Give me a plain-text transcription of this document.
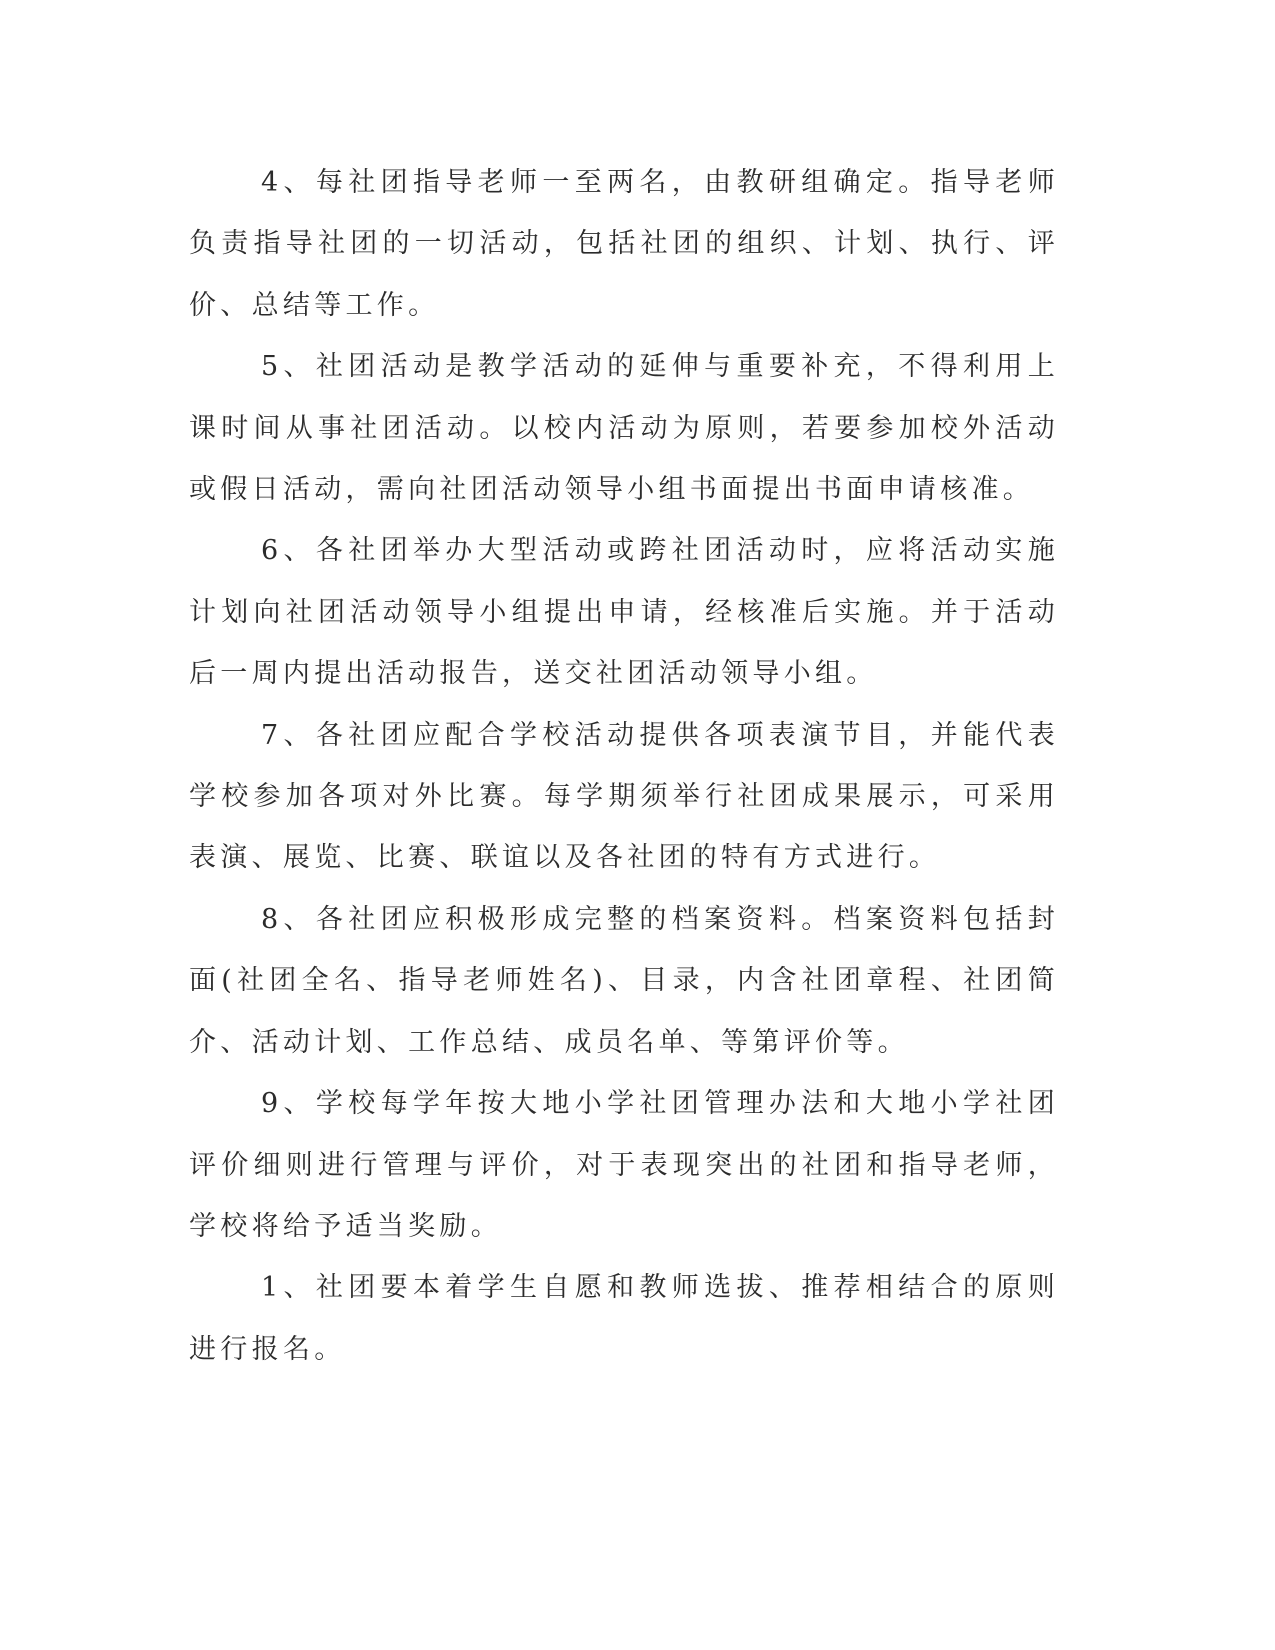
4、每社团指导老师一至两名，由教研组确定。指导老师负责指导社团的一切活动，包括社团的组织、计划、执行、评价、总结等工作。

5、社团活动是教学活动的延伸与重要补充，不得利用上课时间从事社团活动。以校内活动为原则，若要参加校外活动或假日活动，需向社团活动领导小组书面提出书面申请核准。

6、各社团举办大型活动或跨社团活动时，应将活动实施计划向社团活动领导小组提出申请，经核准后实施。并于活动后一周内提出活动报告，送交社团活动领导小组。

7、各社团应配合学校活动提供各项表演节目，并能代表学校参加各项对外比赛。每学期须举行社团成果展示，可采用表演、展览、比赛、联谊以及各社团的特有方式进行。

8、各社团应积极形成完整的档案资料。档案资料包括封面(社团全名、指导老师姓名)、目录，内含社团章程、社团简介、活动计划、工作总结、成员名单、等第评价等。

9、学校每学年按大地小学社团管理办法和大地小学社团评价细则进行管理与评价，对于表现突出的社团和指导老师，学校将给予适当奖励。

1、社团要本着学生自愿和教师选拔、推荐相结合的原则进行报名。
